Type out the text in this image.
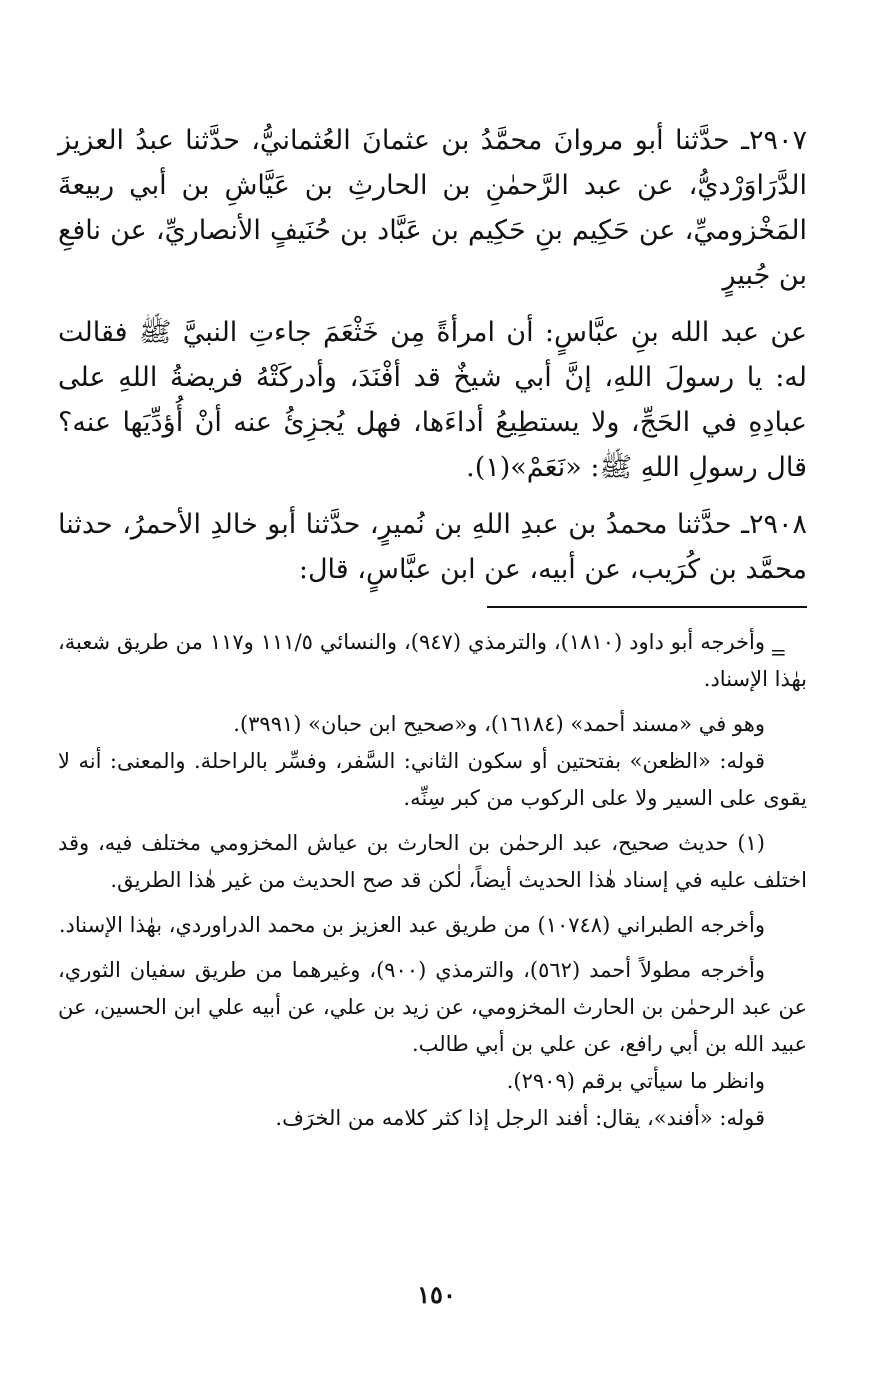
٢٩٠٧ـ حدَّثنا أبو مروانَ محمَّدُ بن عثمانَ العُثمانيُّ، حدَّثنا عبدُ العزيز الدَّرَاوَرْديُّ، عن عبد الرَّحمٰنِ بن الحارثِ بن عَيَّاشِ بن أبي ربيعةَ المَخْزوميِّ، عن حَكِيم بنِ حَكِيم بن عَبَّاد بن حُنَيفٍ الأنصاريِّ، عن نافعِ بن جُبيرٍ

عن عبد الله بنِ عبَّاسٍ: أن امرأةً مِن خَثْعَمَ جاءتِ النبيَّ ﷺ فقالت له: يا رسولَ اللهِ، إنَّ أبي شيخٌ قد أفْنَدَ، وأدركَتْهُ فريضةُ اللهِ على عبادِهِ في الحَجِّ، ولا يستطِيعُ أداءَها، فهل يُجزِئُ عنه أنْ أُؤدِّيَها عنه؟ قال رسولِ اللهِ ﷺ: «نَعَمْ»(١).

٢٩٠٨ـ حدَّثنا محمدُ بن عبدِ اللهِ بن نُميرٍ، حدَّثنا أبو خالدِ الأحمرُ، حدثنا محمَّد بن كُرَيب، عن أبيه، عن ابن عبَّاسٍ، قال:

وأخرجه أبو داود (١٨١٠)، والترمذي (٩٤٧)، والنسائي ١١١/٥ و١١٧ من طريق شعبة، بهٰذا الإسناد.

وهو في «مسند أحمد» (١٦١٨٤)، و«صحيح ابن حبان» (٣٩٩١).

قوله: «الظعن» بفتحتين أو سكون الثاني: السَّفر، وفسِّر بالراحلة. والمعنى: أنه لا يقوى على السير ولا على الركوب من كبر سِنِّه.

(١) حديث صحيح، عبد الرحمٰن بن الحارث بن عياش المخزومي مختلف فيه، وقد اختلف عليه في إسناد هٰذا الحديث أيضاً، لٰكن قد صح الحديث من غير هٰذا الطريق.

وأخرجه الطبراني (١٠٧٤٨) من طريق عبد العزيز بن محمد الدراوردي، بهٰذا الإسناد.

وأخرجه مطولاً أحمد (٥٦٢)، والترمذي (٩٠٠)، وغيرهما من طريق سفيان الثوري، عن عبد الرحمٰن بن الحارث المخزومي، عن زيد بن علي، عن أبيه علي ابن الحسين، عن عبيد الله بن أبي رافع، عن علي بن أبي طالب.

وانظر ما سيأتي برقم (٢٩٠٩).

قوله: «أفند»، يقال: أفند الرجل إذا كثر كلامه من الخرَف.

=
١٥٠
